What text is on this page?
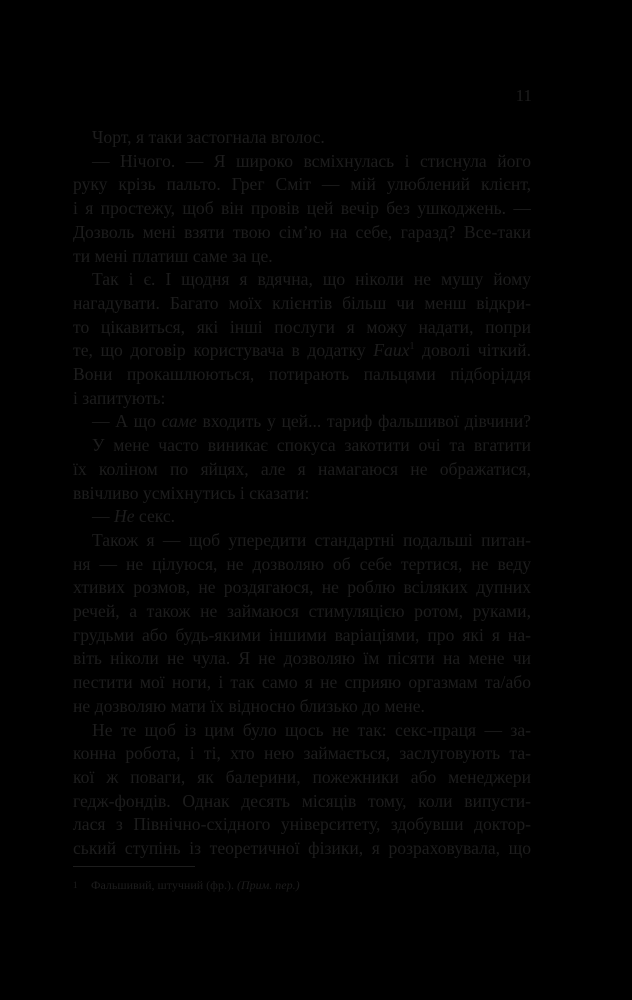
11
Чорт, я таки застогнала вголос.
— Нічого. — Я широко всміхнулась і стиснула його
руку крізь пальто. Грег Сміт — мій улюблений клієнт,
і я простежу, щоб він провів цей вечір без ушкоджень. —
Дозволь мені взяти твою сім’ю на себе, гаразд? Все-таки
ти мені платиш саме за це.
Так і є. І щодня я вдячна, що ніколи не мушу йому
нагадувати. Багато моїх клієнтів більш чи менш відкри-
то цікавиться, які інші послуги я можу надати, попри
те, що договір користувача в додатку Faux$^1$ доволі чіткий.
Вони прокашлюються, потирають пальцями підборіддя
і запитують:
— А що саме входить у цей... тариф фальшивої дівчини?
У мене часто виникає спокуса закотити очі та вгатити
їх коліном по яйцях, але я намагаюся не ображатися,
ввічливо усміхнутись і сказати:
— Не секс.
Також я — щоб упередити стандартні подальші питан-
ня — не цілуюся, не дозволяю об себе тертися, не веду
хтивих розмов, не роздягаюся, не роблю всіляких дупних
речей, а також не займаюся стимуляцією ротом, руками,
грудьми або будь-якими іншими варіаціями, про які я на-
віть ніколи не чула. Я не дозволяю їм пісяти на мене чи
пестити мої ноги, і так само я не сприяю оргазмам та/або
не дозволяю мати їх відносно близько до мене.
Не те щоб із цим було щось не так: секс-праця — за-
конна робота, і ті, хто нею займається, заслуговують та-
кої ж поваги, як балерини, пожежники або менеджери
гедж-фондів. Однак десять місяців тому, коли випусти-
лася з Північно-східного університету, здобувши доктор-
ський ступінь із теоретичної фізики, я розраховувала, що
1 Фальшивий, штучний (фр.). (Прим. пер.)
